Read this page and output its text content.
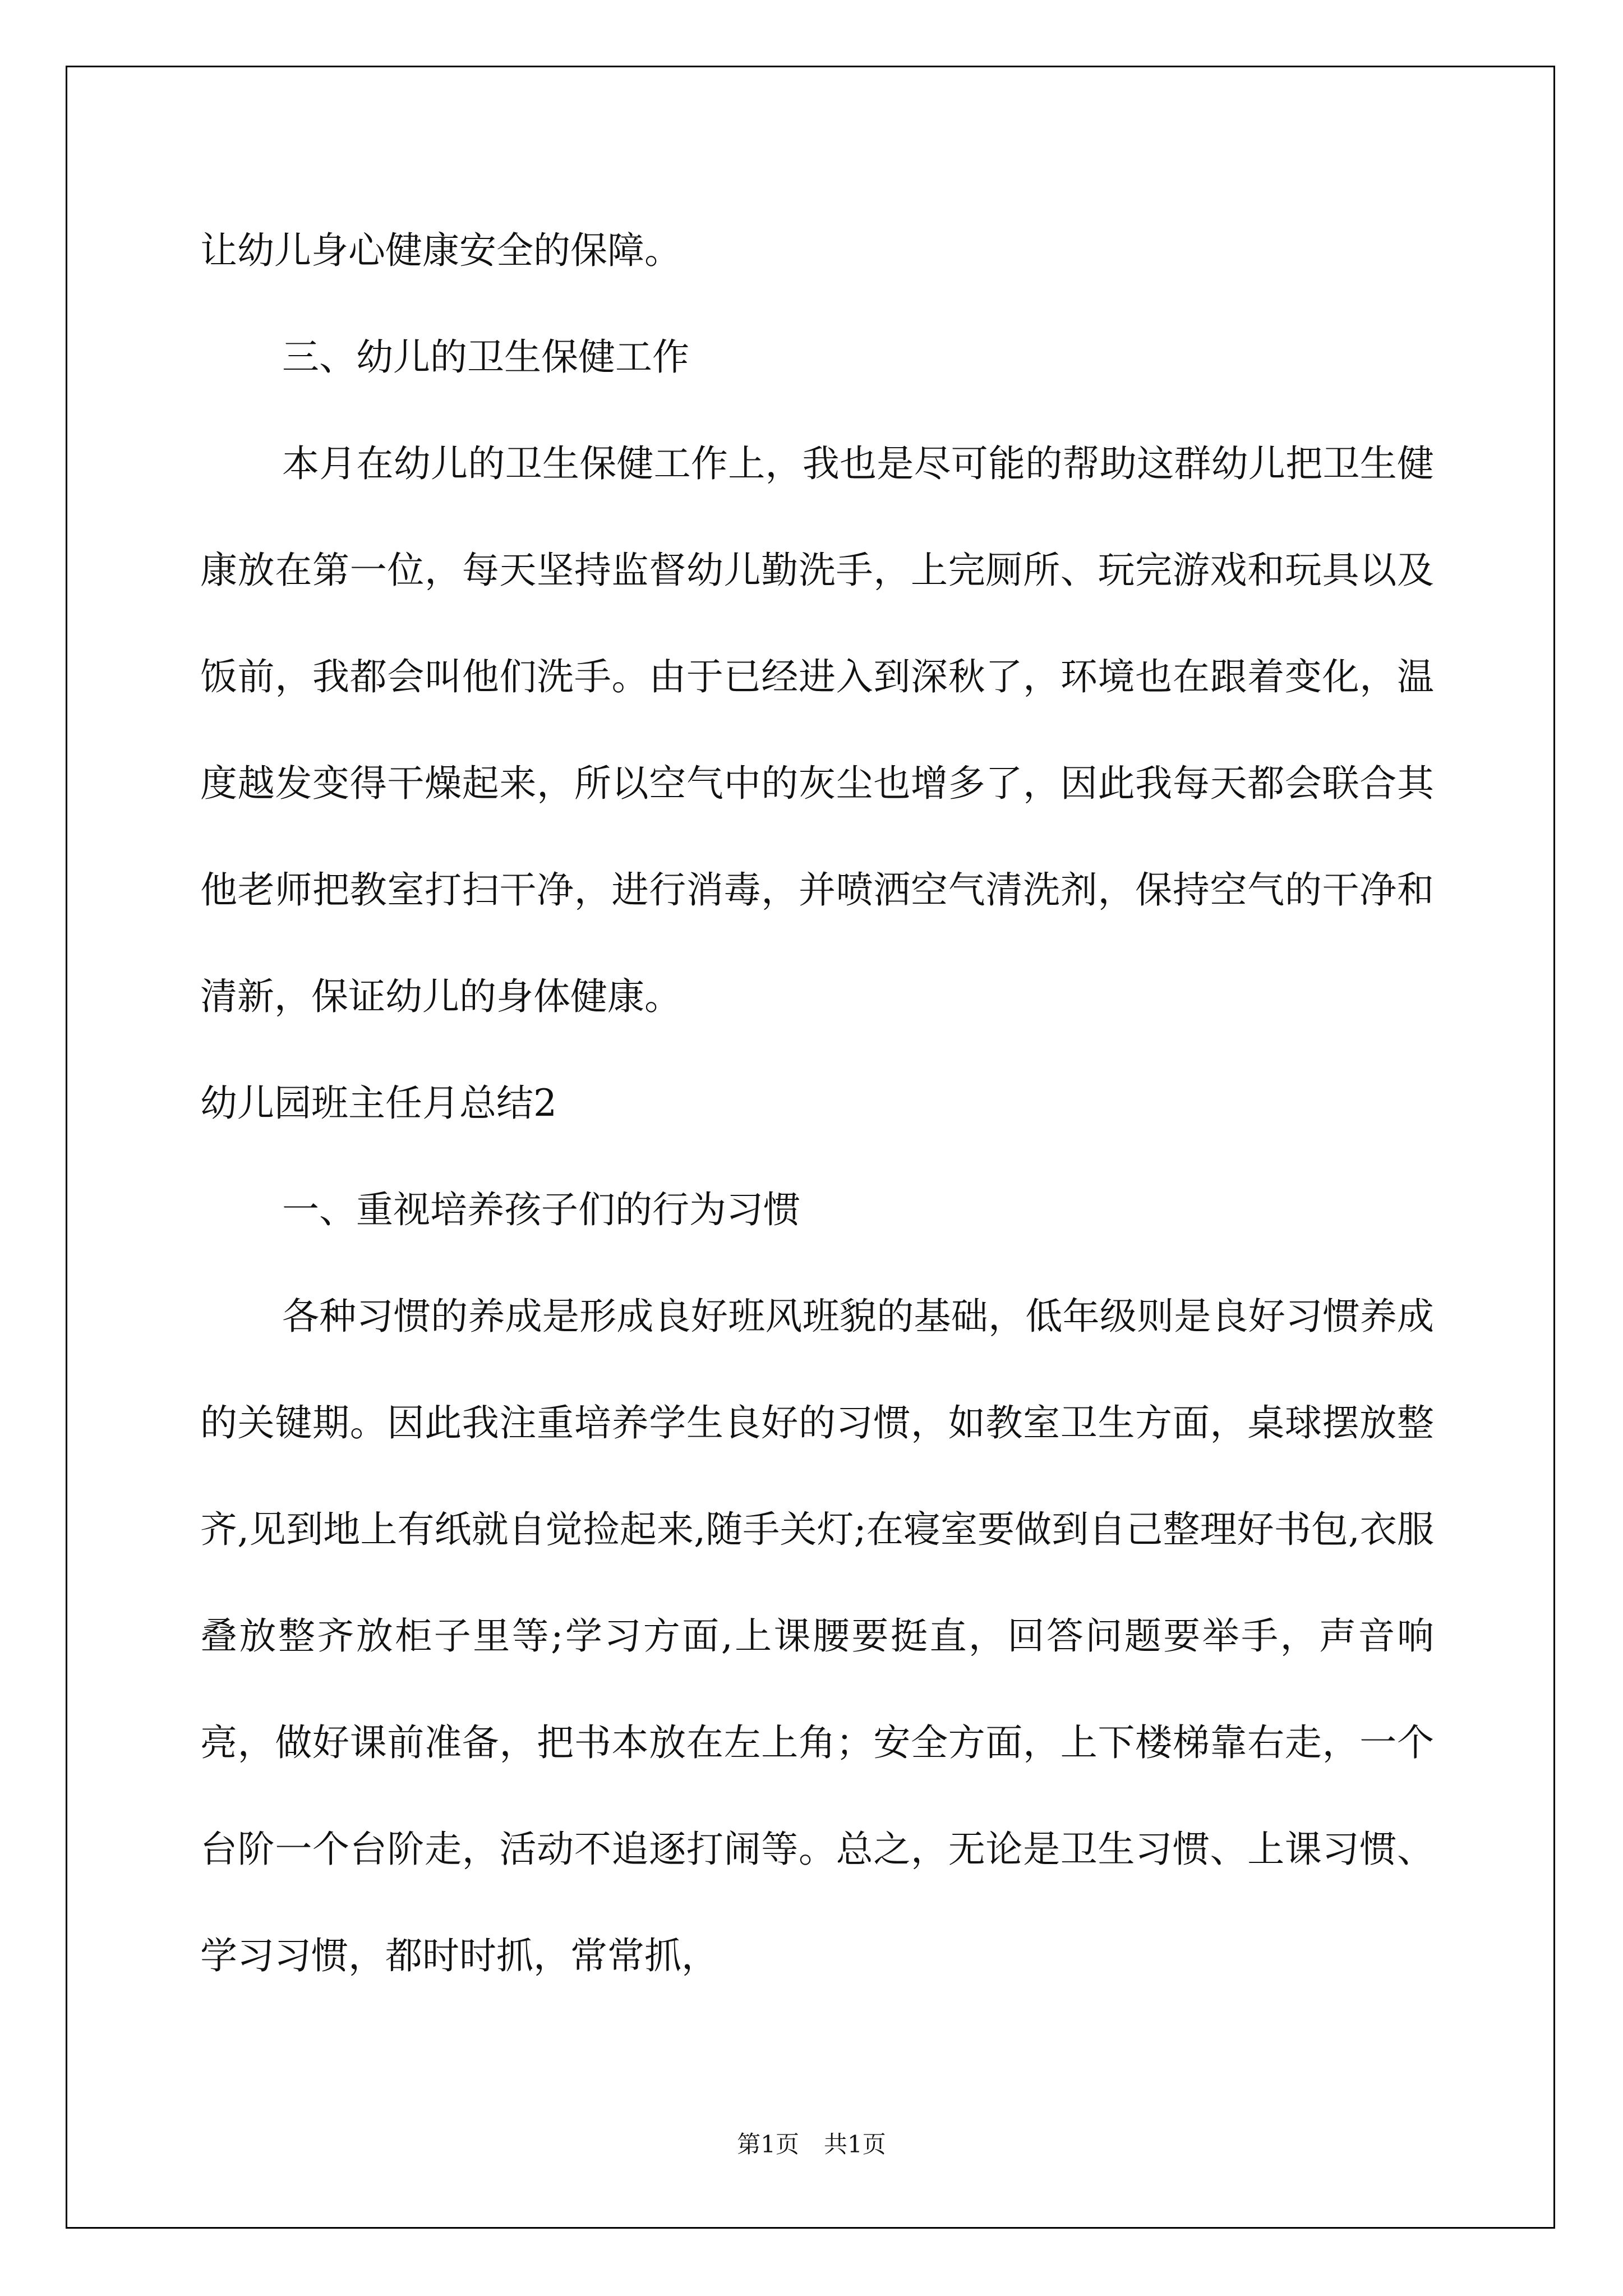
让幼儿身心健康安全的保障。

三、幼儿的卫生保健工作

本月在幼儿的卫生保健工作上，我也是尽可能的帮助这群幼儿把卫生健康放在第一位，每天坚持监督幼儿勤洗手，上完厕所、玩完游戏和玩具以及饭前，我都会叫他们洗手。由于已经进入到深秋了，环境也在跟着变化，温度越发变得干燥起来，所以空气中的灰尘也增多了，因此我每天都会联合其他老师把教室打扫干净，进行消毒，并喷洒空气清洗剂，保持空气的干净和清新，保证幼儿的身体健康。

幼儿园班主任月总结2

一、重视培养孩子们的行为习惯

各种习惯的养成是形成良好班风班貌的基础，低年级则是良好习惯养成的关键期。因此我注重培养学生良好的习惯，如教室卫生方面，桌球摆放整齐,见到地上有纸就自觉捡起来,随手关灯;在寝室要做到自己整理好书包,衣服叠放整齐放柜子里等;学习方面,上课腰要挺直，回答问题要举手，声音响亮，做好课前准备，把书本放在左上角；安全方面，上下楼梯靠右走，一个台阶一个台阶走，活动不追逐打闹等。总之，无论是卫生习惯、上课习惯、学习习惯，都时时抓，常常抓，

第1页 共1页
